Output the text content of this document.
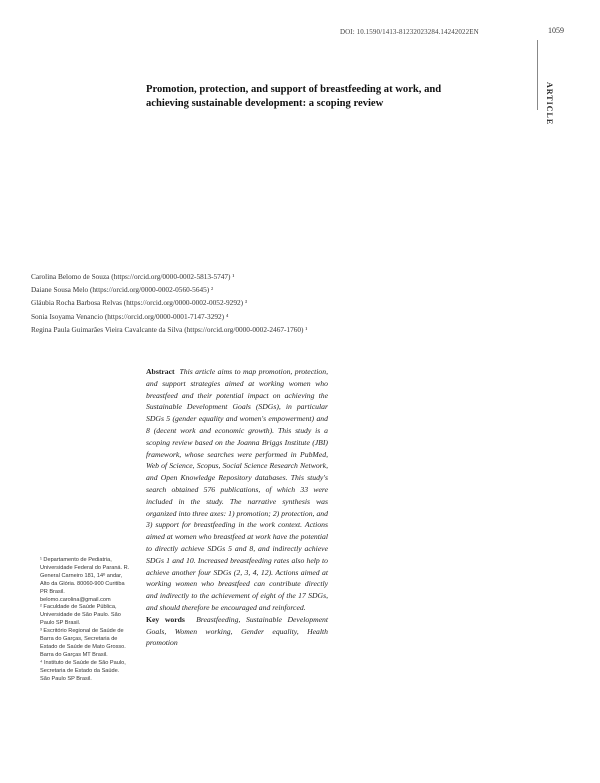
DOI: 10.1590/1413-81232023284.14242022EN	1059
ARTICLE
Promotion, protection, and support of breastfeeding at work, and achieving sustainable development: a scoping review
Carolina Belomo de Souza (https://orcid.org/0000-0002-5813-5747) ¹
Daiane Sousa Melo (https://orcid.org/0000-0002-0560-5645) ²
Gláubia Rocha Barbosa Relvas (https://orcid.org/0000-0002-0052-9292) ³
Sonia Isoyama Venancio (https://orcid.org/0000-0001-7147-3292) ⁴
Regina Paula Guimarães Vieira Cavalcante da Silva (https://orcid.org/0000-0002-2467-1760) ¹
¹ Departamento de Pediatria, Universidade Federal do Paraná. R. General Carneiro 181, 14º andar, Alto da Glória. 80060-900 Curitiba PR Brasil. belomo.carolina@gmail.com
² Faculdade de Saúde Pública, Universidade de São Paulo. São Paulo SP Brasil.
³ Escritório Regional de Saúde de Barra do Garças, Secretaria de Estado de Saúde de Mato Grosso. Barra do Garças MT Brasil.
⁴ Instituto de Saúde de São Paulo, Secretaria de Estado da Saúde. São Paulo SP Brasil.
Abstract This article aims to map promotion, protection, and support strategies aimed at working women who breastfeed and their potential impact on achieving the Sustainable Development Goals (SDGs), in particular SDGs 5 (gender equality and women's empowerment) and 8 (decent work and economic growth). This study is a scoping review based on the Joanna Briggs Institute (JBI) framework, whose searches were performed in PubMed, Web of Science, Scopus, Social Science Research Network, and Open Knowledge Repository databases. This study's search obtained 576 publications, of which 33 were included in the study. The narrative synthesis was organized into three axes: 1) promotion; 2) protection, and 3) support for breastfeeding in the work context. Actions aimed at women who breastfeed at work have the potential to directly achieve SDGs 5 and 8, and indirectly achieve SDGs 1 and 10. Increased breastfeeding rates also help to achieve another four SDGs (2, 3, 4, 12). Actions aimed at working women who breastfeed can contribute directly and indirectly to the achievement of eight of the 17 SDGs, and should therefore be encouraged and reinforced.
Key words Breastfeeding, Sustainable Development Goals, Women working, Gender equality, Health promotion
